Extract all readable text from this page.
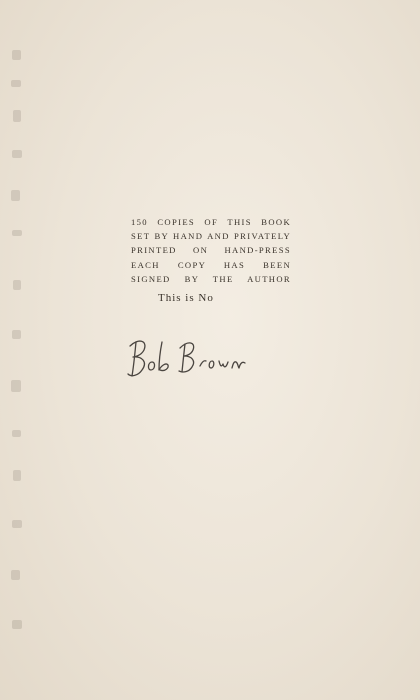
150 COPIES OF THIS BOOK
SET BY HAND AND PRIVATELY
PRINTED ON HAND-PRESS
EACH COPY HAS BEEN
SIGNED BY THE AUTHOR
This is No
